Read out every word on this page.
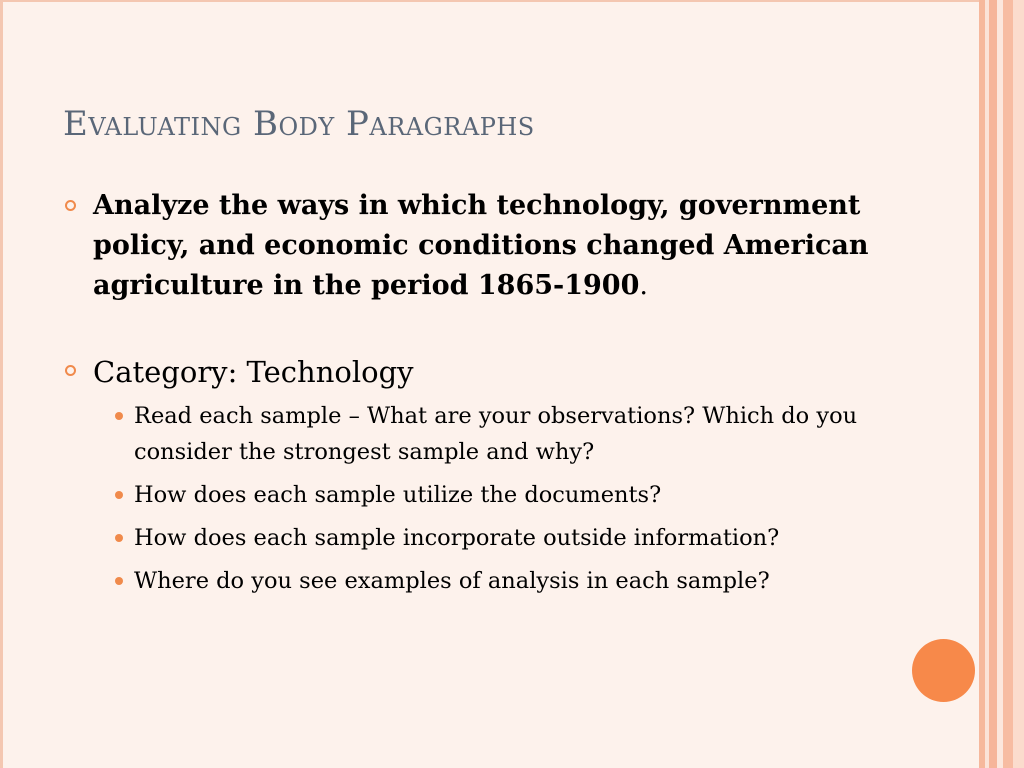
Evaluating Body Paragraphs

Analyze the ways in which technology, government policy, and economic conditions changed American agriculture in the period 1865-1900.

Category: Technology

Read each sample – What are your observations? Which do you consider the strongest sample and why?
How does each sample utilize the documents?
How does each sample incorporate outside information?
Where do you see examples of analysis in each sample?
